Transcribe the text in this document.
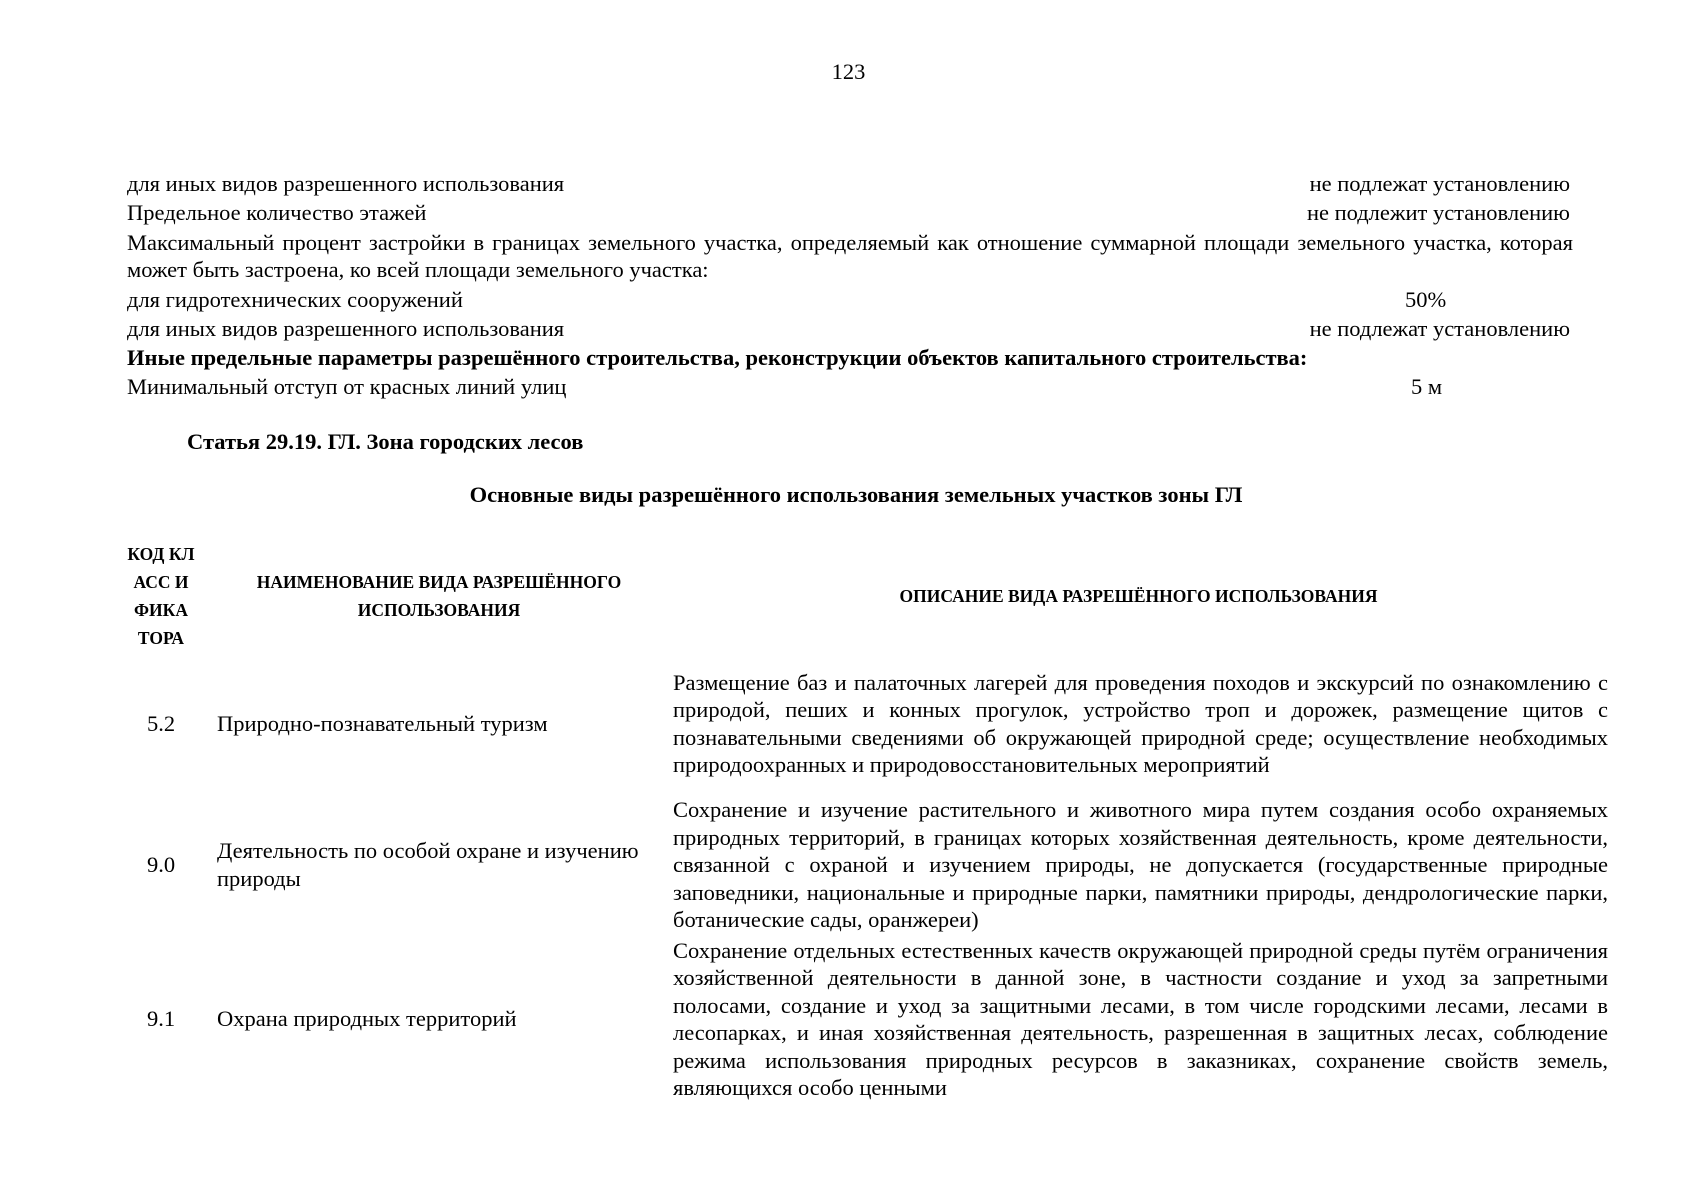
123
для иных видов разрешенного использования	не подлежат установлению
Предельное количество этажей	не подлежит установлению
Максимальный процент застройки в границах земельного участка, определяемый как отношение суммарной площади земельного участка, которая может быть застроена, ко всей площади земельного участка:
для гидротехнических сооружений	50%
для иных видов разрешенного использования	не подлежат установлению
Иные предельные параметры разрешённого строительства, реконструкции объектов капитального строительства:
Минимальный отступ от красных линий улиц	5 м
Статья 29.19. ГЛ. Зона городских лесов
Основные виды разрешённого использования земельных участков зоны ГЛ
КОД КЛАСС ИФИКА ТОРА	НАИМЕНОВАНИЕ ВИДА РАЗРЕШЁННОГО ИСПОЛЬЗОВАНИЯ	ОПИСАНИЕ ВИДА РАЗРЕШЁННОГО ИСПОЛЬЗОВАНИЯ
5.2	Природно-познавательный туризм	Размещение баз и палаточных лагерей для проведения походов и экскурсий по ознакомлению с природой, пеших и конных прогулок, устройство троп и дорожек, размещение щитов с познавательными сведениями об окружающей природной среде; осуществление необходимых природоохранных и природовосстановительных мероприятий

9.0	Деятельность по особой охране и изучению природы	Сохранение и изучение растительного и животного мира путем создания особо охраняемых природных территорий, в границах которых хозяйственная деятельность, кроме деятельности, связанной с охраной и изучением природы, не допускается (государственные природные заповедники, национальные и природные парки, памятники природы, дендрологические парки, ботанические сады, оранжереи)

9.1	Охрана природных территорий	Сохранение отдельных естественных качеств окружающей природной среды путём ограничения хозяйственной деятельности в данной зоне, в частности создание и уход за запретными полосами, создание и уход за защитными лесами, в том числе городскими лесами, лесами в лесопарках, и иная хозяйственная деятельность, разрешенная в защитных лесах, соблюдение режима использования природных ресурсов в заказниках, сохранение свойств земель, являющихся особо ценными
